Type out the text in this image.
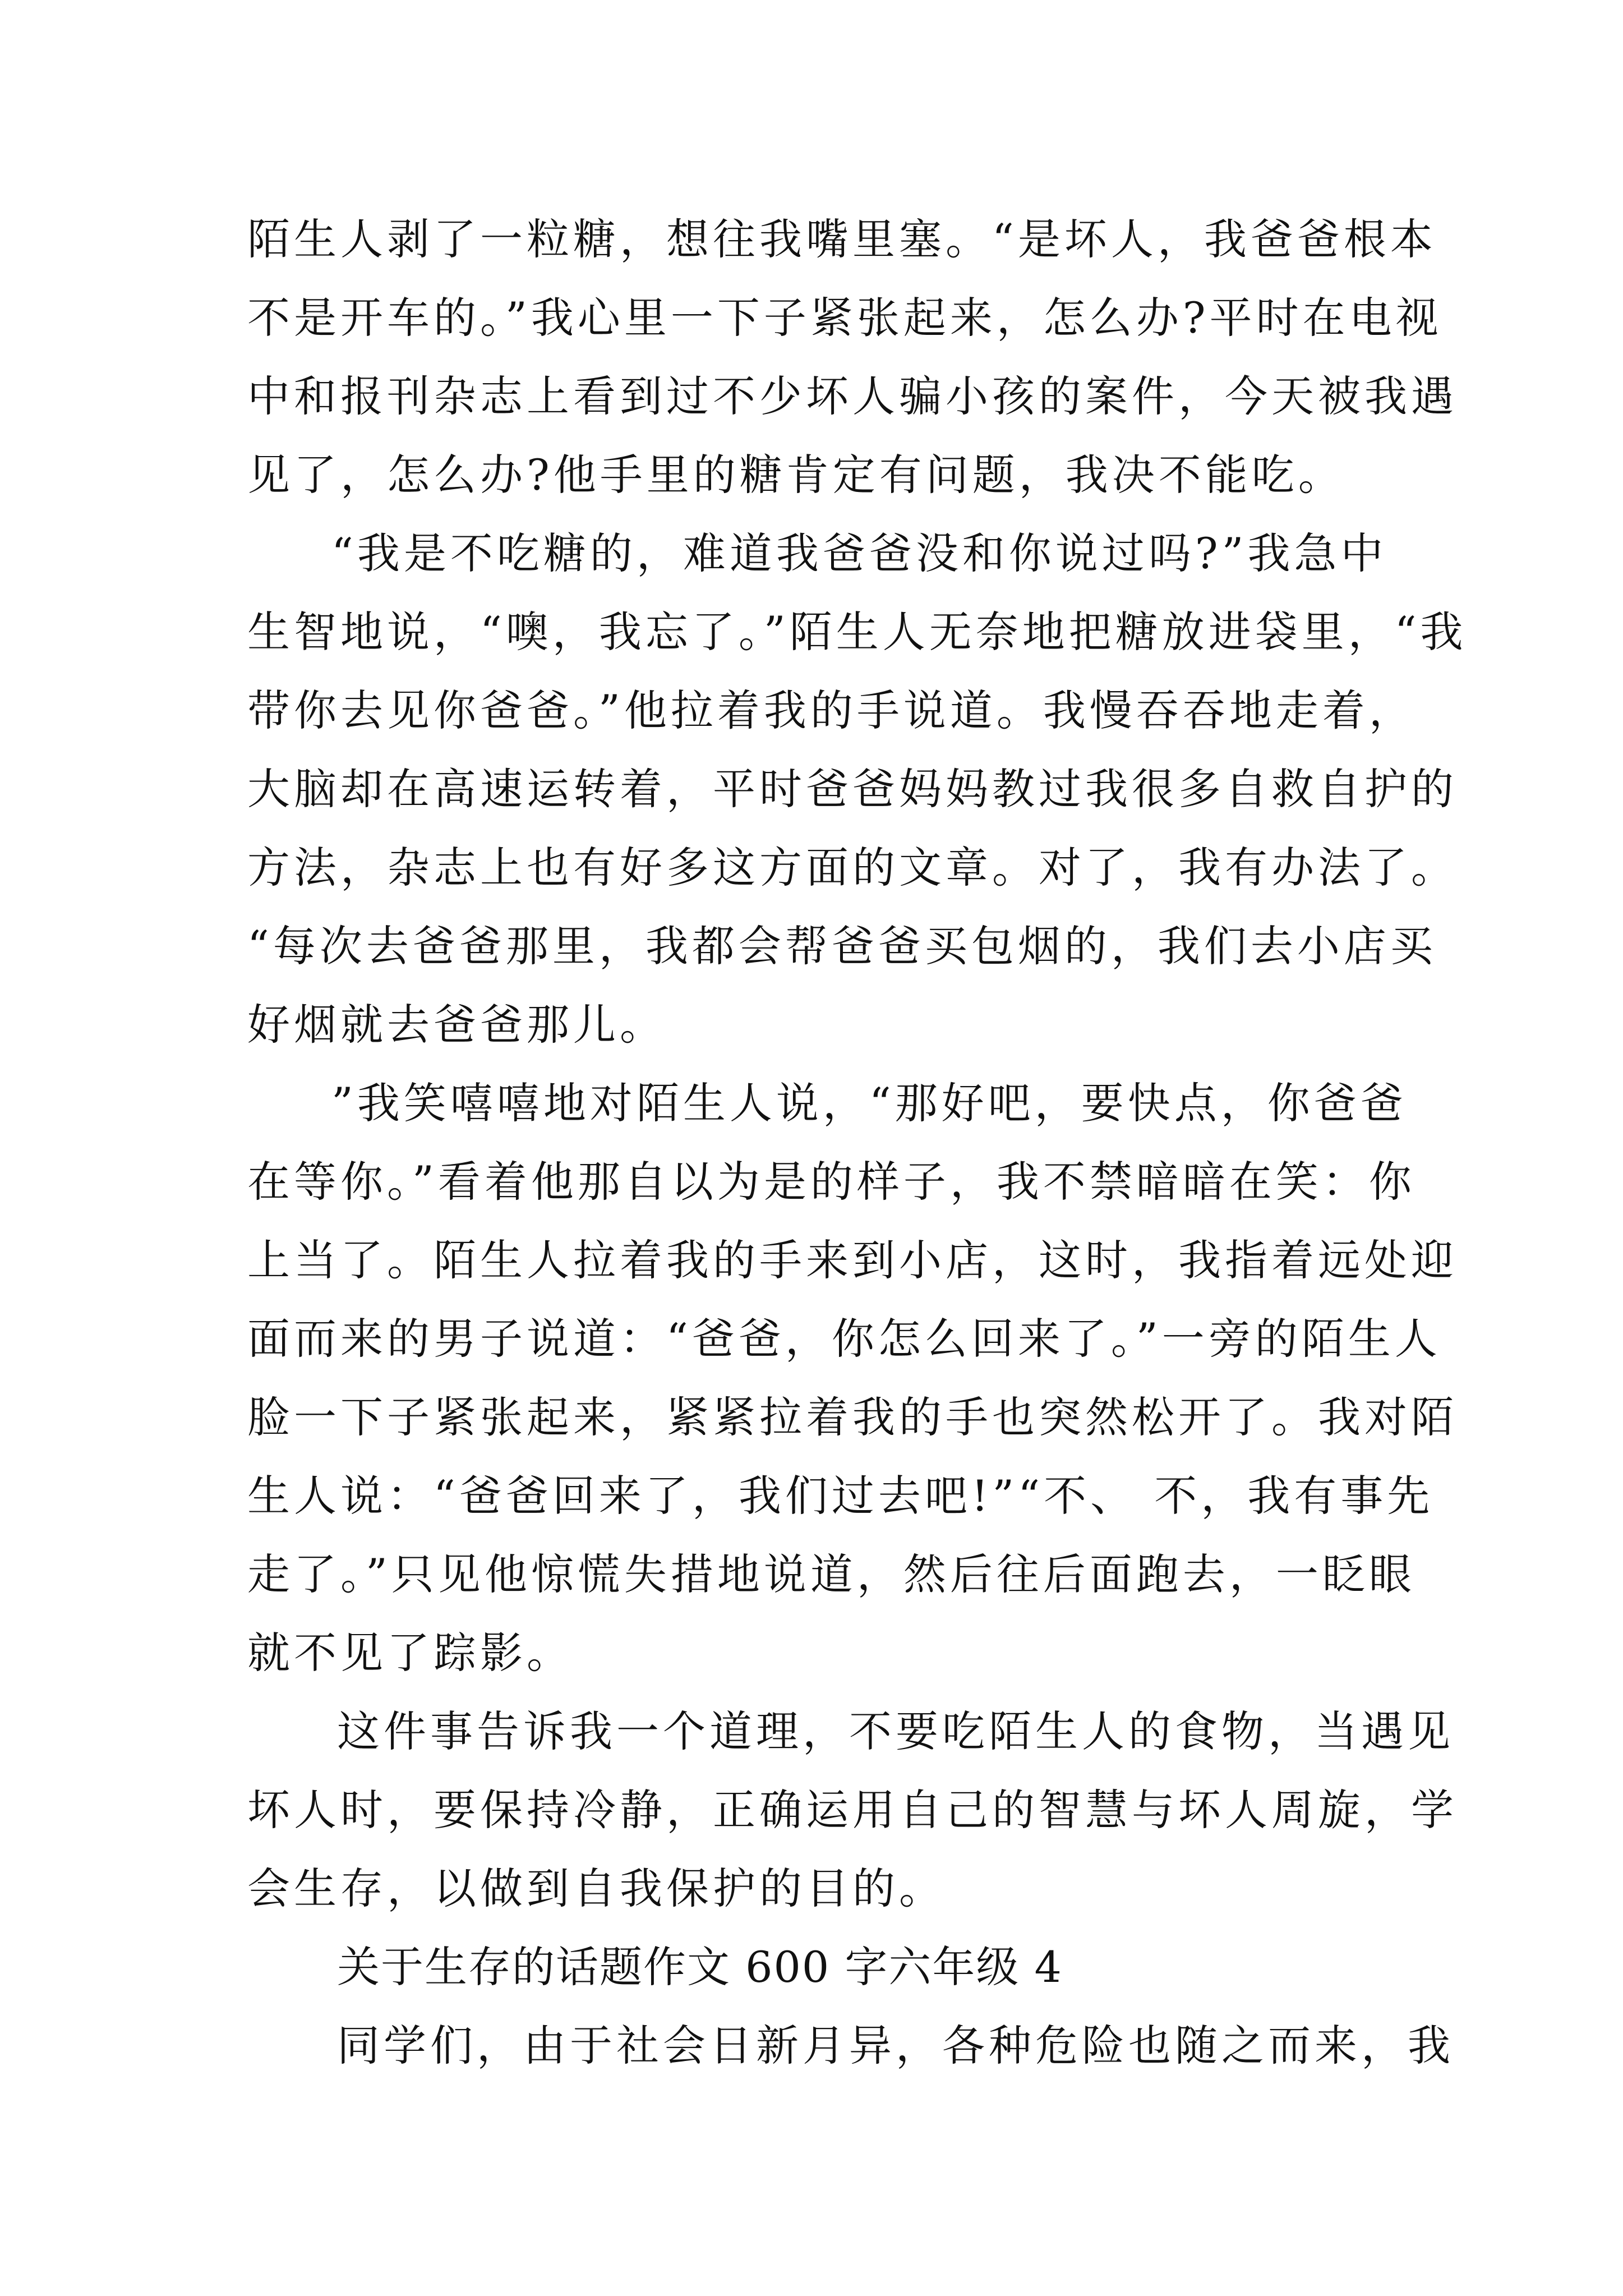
陌生人剥了一粒糖，想往我嘴里塞。“是坏人，我爸爸根本
不是开车的。”我心里一下子紧张起来，怎么办?平时在电视
中和报刊杂志上看到过不少坏人骗小孩的案件，今天被我遇
见了，怎么办?他手里的糖肯定有问题，我决不能吃。
“我是不吃糖的，难道我爸爸没和你说过吗?”我急中
生智地说，“噢，我忘了。”陌生人无奈地把糖放进袋里，“我
带你去见你爸爸。”他拉着我的手说道。我慢吞吞地走着，
大脑却在高速运转着，平时爸爸妈妈教过我很多自救自护的
方法，杂志上也有好多这方面的文章。对了，我有办法了。
“每次去爸爸那里，我都会帮爸爸买包烟的，我们去小店买
好烟就去爸爸那儿。
”我笑嘻嘻地对陌生人说，“那好吧，要快点，你爸爸
在等你。”看着他那自以为是的样子，我不禁暗暗在笑：你
上当了。陌生人拉着我的手来到小店，这时，我指着远处迎
面而来的男子说道：“爸爸，你怎么回来了。”一旁的陌生人
脸一下子紧张起来，紧紧拉着我的手也突然松开了。我对陌
生人说：“爸爸回来了，我们过去吧!”“不、 不，我有事先
走了。”只见他惊慌失措地说道，然后往后面跑去，一眨眼
就不见了踪影。
这件事告诉我一个道理，不要吃陌生人的食物，当遇见
坏人时，要保持冷静，正确运用自己的智慧与坏人周旋，学
会生存，以做到自我保护的目的。
关于生存的话题作文 600 字六年级 4
同学们，由于社会日新月异，各种危险也随之而来，我
